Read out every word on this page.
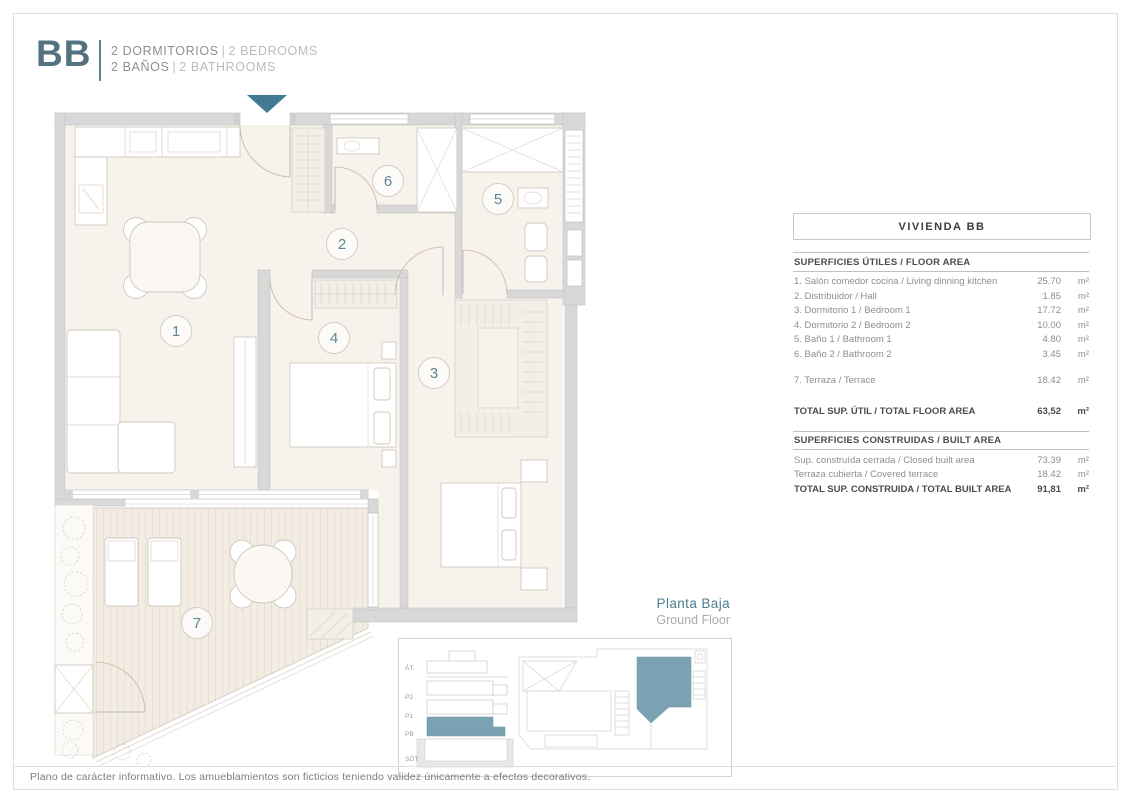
BB 2 DORMITORIOS | 2 BEDROOMS
2 BAÑOS | 2 BATHROOMS
1
2
3
4
5
6
7
Planta Baja
Ground Floor
VIVIENDA BB
SUPERFICIES ÚTILES / FLOOR AREA
1. Salón comedor cocina / Living dinning kitchen	25.70	m²
2. Distribuidor / Hall	1.85	m²
3. Dormitorio 1 / Bedroom 1	17.72	m²
4. Dormitorio 2 / Bedroom 2	10.00	m²
5. Baño 1 / Bathroom 1	4.80	m²
6. Baño 2 / Bathroom 2	3.45	m²
7. Terraza / Terrace	18.42	m²
TOTAL SUP. ÚTIL / TOTAL FLOOR AREA	63,52	m²
SUPERFICIES CONSTRUIDAS / BUILT AREA
Sup. construída cerrada / Closed built area	73.39	m²
Terraza cubierta / Covered terrace	18.42	m²
TOTAL SUP. CONSTRUIDA / TOTAL BUILT AREA	91,81	m²
ÁT.
P2
P1
PB
SÓT
Plano de carácter informativo. Los amueblamientos son ficticios teniendo validez únicamente a efectos decorativos.
